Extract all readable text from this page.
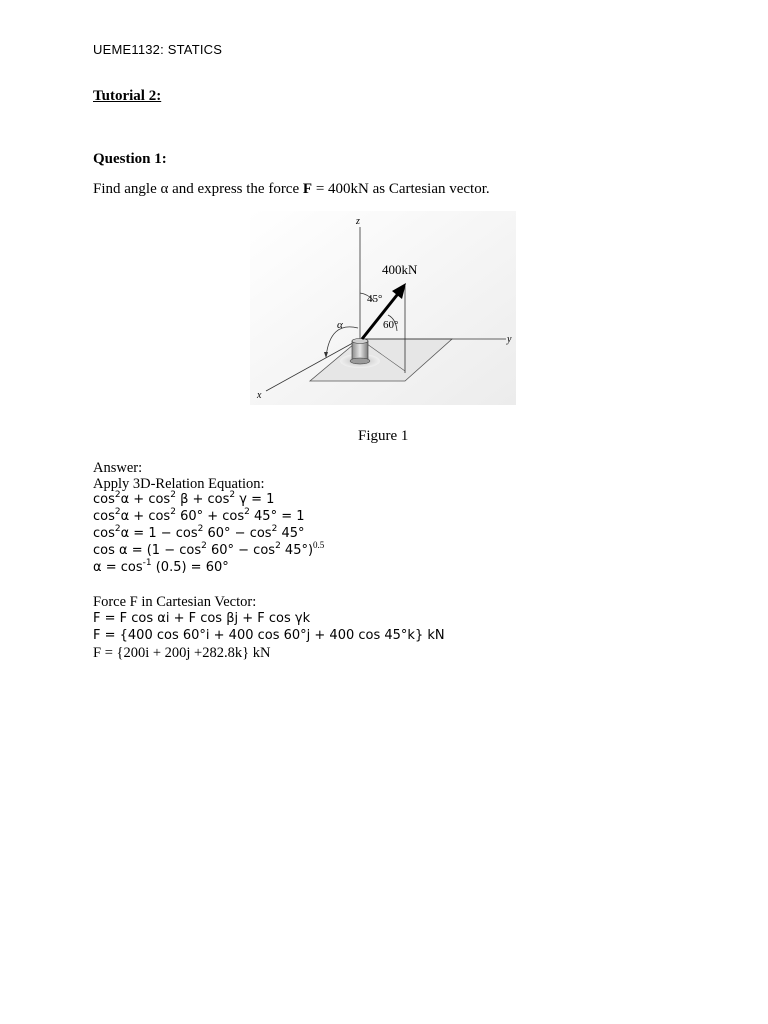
UEME1132: STATICS
Tutorial 2:
Question 1:
Find angle α and express the force F = 400kN as Cartesian vector.
z
y
x
400kN
45°
60°
α
Figure 1
Answer:
Apply 3D-Relation Equation:
$\cos^2\alpha + \cos^2 \beta + \cos^2 \gamma = 1$
$\cos^2\alpha + \cos^2 60^\circ + \cos^2 45^\circ = 1$
$\cos^2\alpha = 1 - \cos^2 60^\circ - \cos^2 45^\circ$
$\cos \alpha = (1 - \cos^2 60^\circ - \cos^2 45^\circ)^{0.5}$
$\alpha = \cos^{-1} (0.5) = 60^\circ$
Force F in Cartesian Vector:
F = F cos αi + F cos βj + F cos γk
F = {400 cos 60°i + 400 cos 60°j + 400 cos 45°k} kN
F = {200i + 200j +282.8k} kN
